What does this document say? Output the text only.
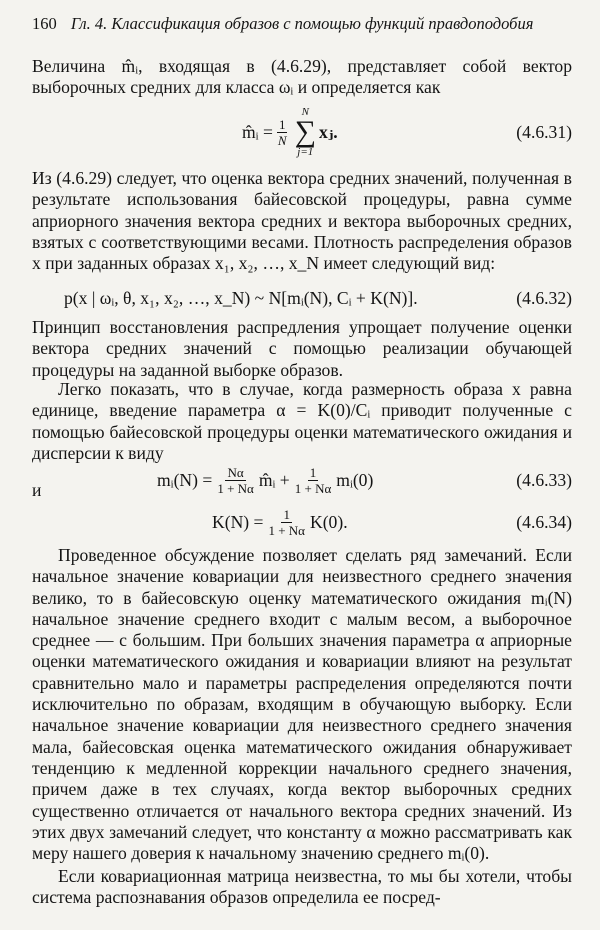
160 Гл. 4. Классификация образов с помощью функций правдоподобия
Величина m̂ᵢ, входящая в (4.6.29), представляет собой вектор выборочных средних для класса ωᵢ и определяется как
m̂ᵢ = $\frac{1}{N}$
N
∑
j=1
xⱼ.	(4.6.31)
Из (4.6.29) следует, что оценка вектора средних значений, полученная в результате использования байесовской процедуры, равна сумме априорного значения вектора средних и вектора выборочных средних, взятых с соответствующими весами. Плотность распределения образов x при заданных образах x₁, x₂, …, x_N имеет следующий вид:
p(x | ωᵢ, θ, x₁, x₂, …, x_N) ~ N[mᵢ(N), Cᵢ + K(N)].	(4.6.32)
Принцип восстановления распредления упрощает получение оценки вектора средних значений с помощью реализации обучающей процедуры на заданной выборке образов.
Легко показать, что в случае, когда размерность образа x равна единице, введение параметра α = K(0)/Cᵢ приводит полученные с помощью байесовской процедуры оценки математического ожидания и дисперсии к виду
mᵢ(N) = $\frac{N\alpha}{1 + N\alpha}$ m̂ᵢ + $\frac{1}{1 + N\alpha}$ mᵢ(0)	(4.6.33)
и
$K(N) = \frac{1}{1 + N\alpha} K(0)$.	(4.6.34)
Проведенное обсуждение позволяет сделать ряд замечаний. Если начальное значение ковариации для неизвестного среднего значения велико, то в байесовскую оценку математического ожидания mᵢ(N) начальное значение среднего входит с малым весом, а выборочное среднее — с большим. При больших значения параметра α априорные оценки математического ожидания и ковариации влияют на результат сравнительно мало и параметры распределения определяются почти исключительно по образам, входящим в обучающую выборку. Если начальное значение ковариации для неизвестного среднего значения мала, байесовская оценка математического ожидания обнаруживает тенденцию к медленной коррекции начального среднего значения, причем даже в тех случаях, когда вектор выборочных средних существенно отличается от начального вектора средних значений. Из этих двух замечаний следует, что константу α можно рассматривать как меру нашего доверия к начальному значению среднего mᵢ(0).
Если ковариационная матрица неизвестна, то мы бы хотели, чтобы система распознавания образов определила ее посред-
